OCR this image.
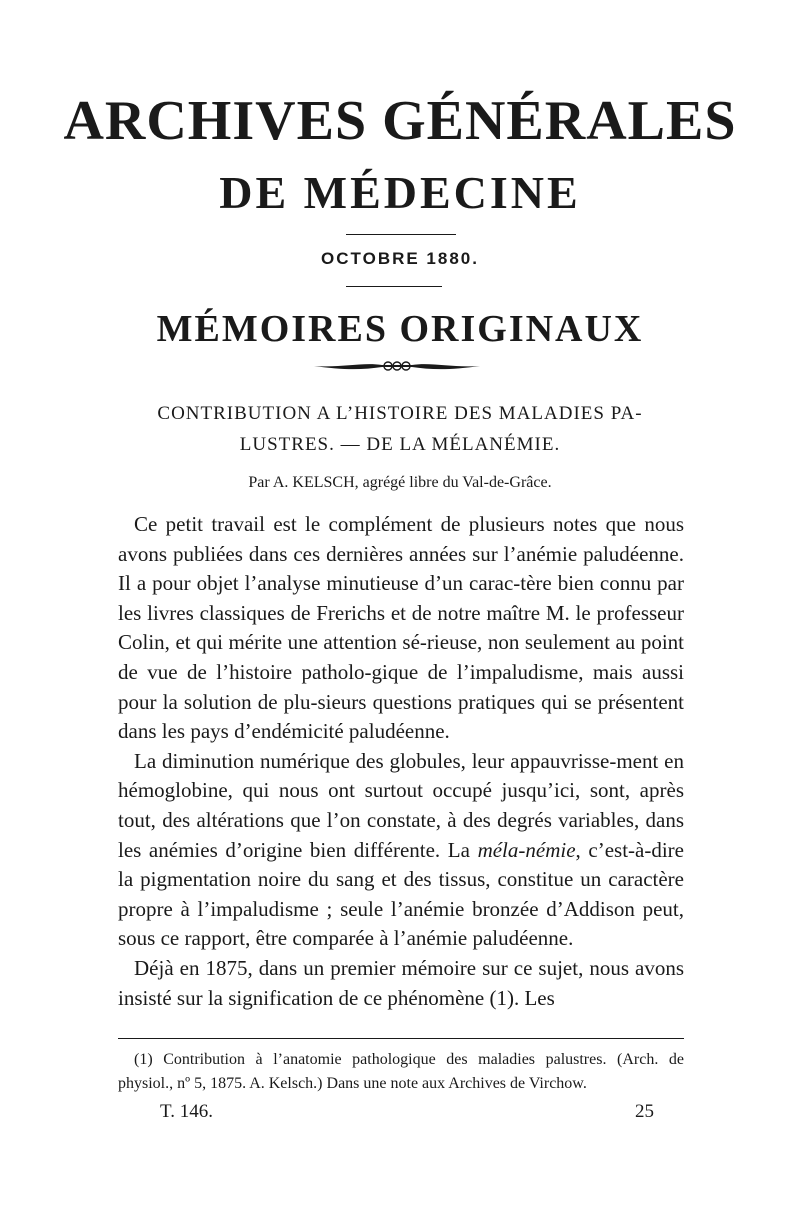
ARCHIVES GÉNÉRALES
DE MÉDECINE
OCTOBRE 1880.
MÉMOIRES ORIGINAUX
CONTRIBUTION A L’HISTOIRE DES MALADIES PA-
LUSTRES. — DE LA MÉLANÉMIE.
Par A. KELSCH, agrégé libre du Val-de-Grâce.

Ce petit travail est le complément de plusieurs notes que nous avons publiées dans ces dernières années sur l’anémie paludéenne. Il a pour objet l’analyse minutieuse d’un carac-tère bien connu par les livres classiques de Frerichs et de notre maître M. le professeur Colin, et qui mérite une attention sé-rieuse, non seulement au point de vue de l’histoire patholo-gique de l’impaludisme, mais aussi pour la solution de plu-sieurs questions pratiques qui se présentent dans les pays d’endémicité paludéenne.

La diminution numérique des globules, leur appauvrisse-ment en hémoglobine, qui nous ont surtout occupé jusqu’ici, sont, après tout, des altérations que l’on constate, à des degrés variables, dans les anémies d’origine bien différente. La méla-némie, c’est-à-dire la pigmentation noire du sang et des tissus, constitue un caractère propre à l’impaludisme ; seule l’anémie bronzée d’Addison peut, sous ce rapport, être comparée à l’anémie paludéenne.

Déjà en 1875, dans un premier mémoire sur ce sujet, nous avons insisté sur la signification de ce phénomène (1). Les

(1) Contribution à l’anatomie pathologique des maladies palustres. (Arch. de physiol., nº 5, 1875. A. Kelsch.) Dans une note aux Archives de Virchow.

T. 146.	25
